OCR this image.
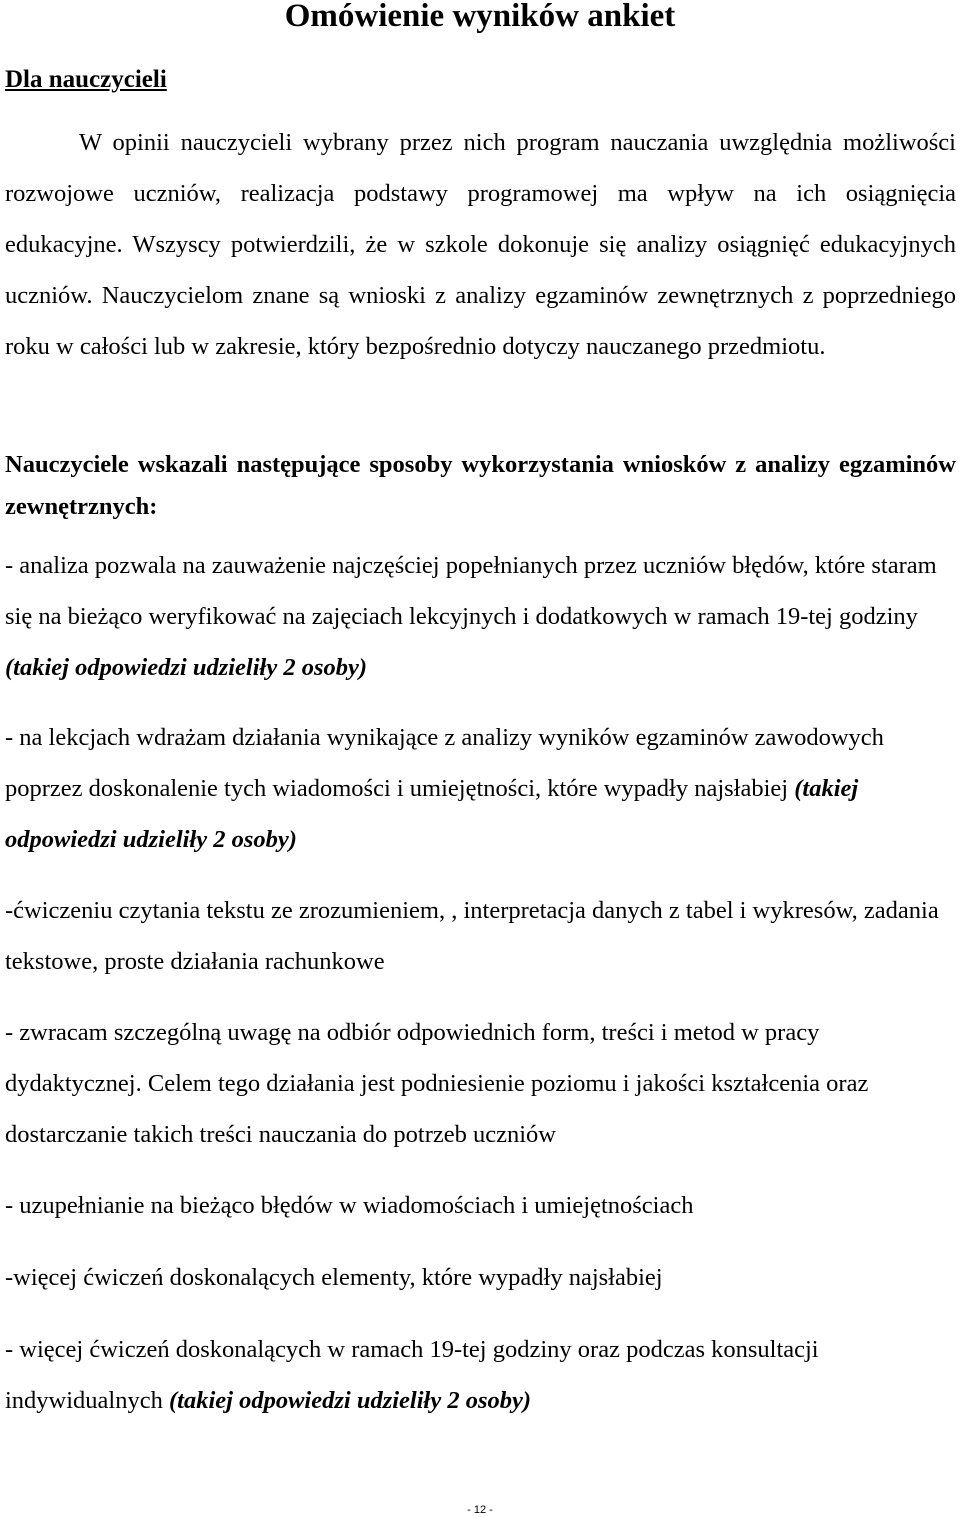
Omówienie wyników ankiet
Dla nauczycieli

W opinii nauczycieli wybrany przez nich program nauczania uwzględnia możliwości rozwojowe uczniów, realizacja podstawy programowej ma wpływ na ich osiągnięcia edukacyjne. Wszyscy potwierdzili, że w szkole dokonuje się analizy osiągnięć edukacyjnych uczniów. Nauczycielom znane są wnioski z analizy egzaminów zewnętrznych z poprzedniego roku w całości lub w zakresie, który bezpośrednio dotyczy nauczanego przedmiotu.

Nauczyciele wskazali następujące sposoby wykorzystania wniosków z analizy egzaminów zewnętrznych:

- analiza pozwala na zauważenie najczęściej popełnianych przez uczniów błędów, które staram się na bieżąco weryfikować na zajęciach lekcyjnych i dodatkowych w ramach 19-tej godziny (takiej odpowiedzi udzieliły 2 osoby)

- na lekcjach wdrażam działania wynikające z analizy wyników egzaminów zawodowych poprzez doskonalenie tych wiadomości i umiejętności, które wypadły najsłabiej (takiej odpowiedzi udzieliły 2 osoby)

-ćwiczeniu czytania tekstu ze zrozumieniem, , interpretacja danych z tabel i wykresów, zadania tekstowe, proste działania rachunkowe

- zwracam szczególną uwagę na odbiór odpowiednich form, treści i metod w pracy dydaktycznej. Celem tego działania jest podniesienie poziomu i jakości kształcenia oraz dostarczanie takich treści nauczania do potrzeb uczniów

- uzupełnianie na bieżąco błędów w wiadomościach i umiejętnościach

-więcej ćwiczeń doskonalących elementy, które wypadły najsłabiej

- więcej ćwiczeń doskonalących w ramach 19-tej godziny oraz podczas konsultacji indywidualnych (takiej odpowiedzi udzieliły 2 osoby)

- 12 -
